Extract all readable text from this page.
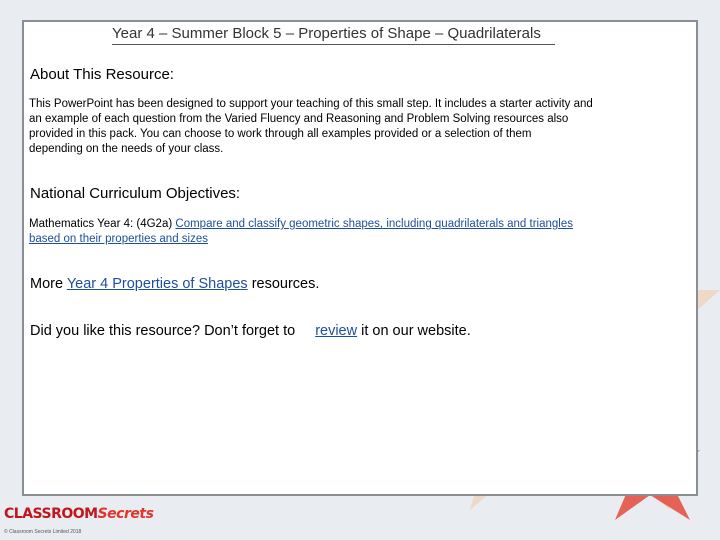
Year 4 – Summer Block 5 – Properties of Shape – Quadrilaterals
About This Resource:
This PowerPoint has been designed to support your teaching of this small step. It includes a starter activity and
an example of each question from the Varied Fluency and Reasoning and Problem Solving resources also
provided in this pack. You can choose to work through all examples provided or a selection of them
depending on the needs of your class.
National Curriculum Objectives:
Mathematics Year 4: (4G2a) Compare and classify geometric shapes, including quadrilaterals and triangles
based on their properties and sizes
More Year 4 Properties of Shapes resources.
Did you like this resource? Don’t forget to review it on our website.
CLASSROOMSecrets
© Classroom Secrets Limited 2018
